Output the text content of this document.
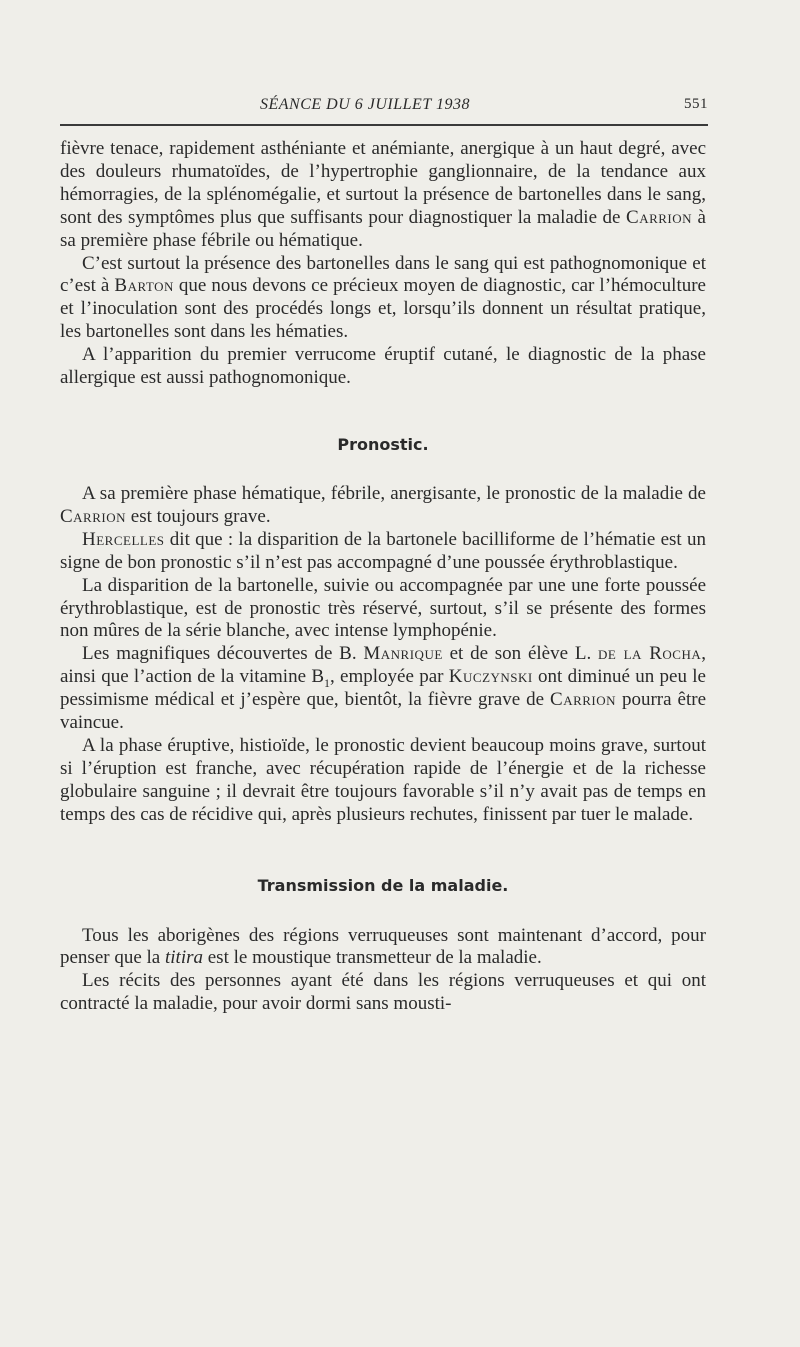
SÉANCE DU 6 JUILLET 1938	551

fièvre tenace, rapidement asthéniante et anémiante, anergique à un haut degré, avec des douleurs rhumatoïdes, de l’hypertrophie ganglionnaire, de la tendance aux hémorragies, de la splénomégalie, et surtout la présence de bartonelles dans le sang, sont des symptômes plus que suffisants pour diagnostiquer la maladie de Carrion à sa première phase fébrile ou hématique.

C’est surtout la présence des bartonelles dans le sang qui est pathognomonique et c’est à Barton que nous devons ce précieux moyen de diagnostic, car l’hémoculture et l’inoculation sont des procédés longs et, lorsqu’ils donnent un résultat pratique, les bartonelles sont dans les hématies.

A l’apparition du premier verrucome éruptif cutané, le diagnostic de la phase allergique est aussi pathognomonique.

Pronostic.

A sa première phase hématique, fébrile, anergisante, le pronostic de la maladie de Carrion est toujours grave.

Hercelles dit que : la disparition de la bartonele bacilliforme de l’hématie est un signe de bon pronostic s’il n’est pas accompagné d’une poussée érythroblastique.

La disparition de la bartonelle, suivie ou accompagnée par une une forte poussée érythroblastique, est de pronostic très réservé, surtout, s’il se présente des formes non mûres de la série blanche, avec intense lymphopénie.

Les magnifiques découvertes de B. Manrique et de son élève L. de la Rocha, ainsi que l’action de la vitamine $B_1$, employée par Kuczynski ont diminué un peu le pessimisme médical et j’espère que, bientôt, la fièvre grave de Carrion pourra être vaincue.

A la phase éruptive, histioïde, le pronostic devient beaucoup moins grave, surtout si l’éruption est franche, avec récupération rapide de l’énergie et de la richesse globulaire sanguine ; il devrait être toujours favorable s’il n’y avait pas de temps en temps des cas de récidive qui, après plusieurs rechutes, finissent par tuer le malade.

Transmission de la maladie.

Tous les aborigènes des régions verruqueuses sont maintenant d’accord, pour penser que la titira est le moustique transmetteur de la maladie.

Les récits des personnes ayant été dans les régions verruqueuses et qui ont contracté la maladie, pour avoir dormi sans mousti-
